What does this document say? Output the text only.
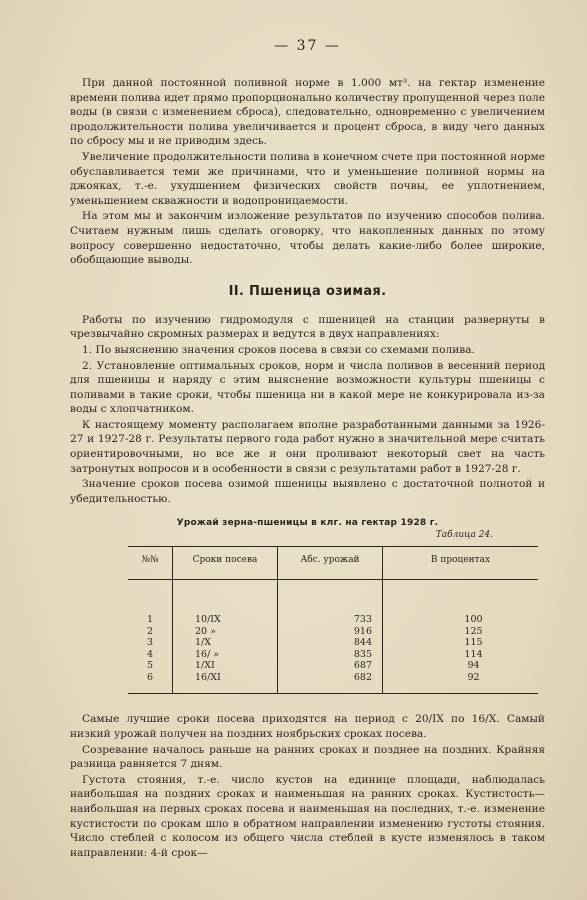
— 37 —

При данной постоянной поливной норме в 1.000 мт³. на гектар изменение времени полива идет прямо пропорционально количеству пропущенной через поле воды (в связи с изменением сброса), следовательно, одновременно с увеличением продолжительности полива увеличивается и процент сброса, в виду чего данных по сбросу мы и не приводим здесь.

Увеличение продолжительности полива в конечном счете при постоянной норме обуславливается теми же причинами, что и уменьшение поливной нормы на джояках, т.-е. ухудшением физических свойств почвы, ее уплотнением, уменьшением скважности и водопроницаемости.

На этом мы и закончим изложение результатов по изучению способов полива. Считаем нужным лишь сделать оговорку, что накопленных данных по этому вопросу совершенно недостаточно, чтобы делать какие-либо более широкие, обобщающие выводы.

II. Пшеница озимая.

Работы по изучению гидромодуля с пшеницей на станции развернуты в чрезвычайно скромных размерах и ведутся в двух направлениях:

1. По выяснению значения сроков посева в связи со схемами полива.

2. Установление оптимальных сроков, норм и числа поливов в весенний период для пшеницы и наряду с этим выяснение возможности культуры пшеницы с поливами в такие сроки, чтобы пшеница ни в какой мере не конкурировала из-за воды с хлопчатником.

К настоящему моменту располагаем вполне разработанными данными за 1926-27 и 1927-28 г. Результаты первого года работ нужно в значительной мере считать ориентировочными, но все же и они проливают некоторый свет на часть затронутых вопросов и в особенности в связи с результатами работ в 1927-28 г.

Значение сроков посева озимой пшеницы выявлено с достаточной полнотой и убедительностью.

Урожай зерна-пшеницы в клг. на гектар 1928 г.
Таблица 24.
№№	Сроки посева	Абс. урожай	В процентах

1	10/IX	733	100
2	20 »	916	125
3	1/X	844	115
4	16/ »	835	114
5	1/XI	687	94
6	16/XI	682	92

Самые лучшие сроки посева приходятся на период с 20/IX по 16/X. Самый низкий урожай получен на поздних ноябрьских сроках посева.

Созревание началось раньше на ранних сроках и позднее на поздних. Крайняя разница равняется 7 дням.

Густота стояния, т.-е. число кустов на единице площади, наблюдалась наибольшая на поздних сроках и наименьшая на ранних сроках. Кустистость—наибольшая на первых сроках посева и наименьшая на последних, т.-е. изменение кустистости по срокам шло в обратном направлении изменению густоты стояния. Число стеблей с колосом из общего числа стеблей в кусте изменялось в таком направлении: 4-й срок—
